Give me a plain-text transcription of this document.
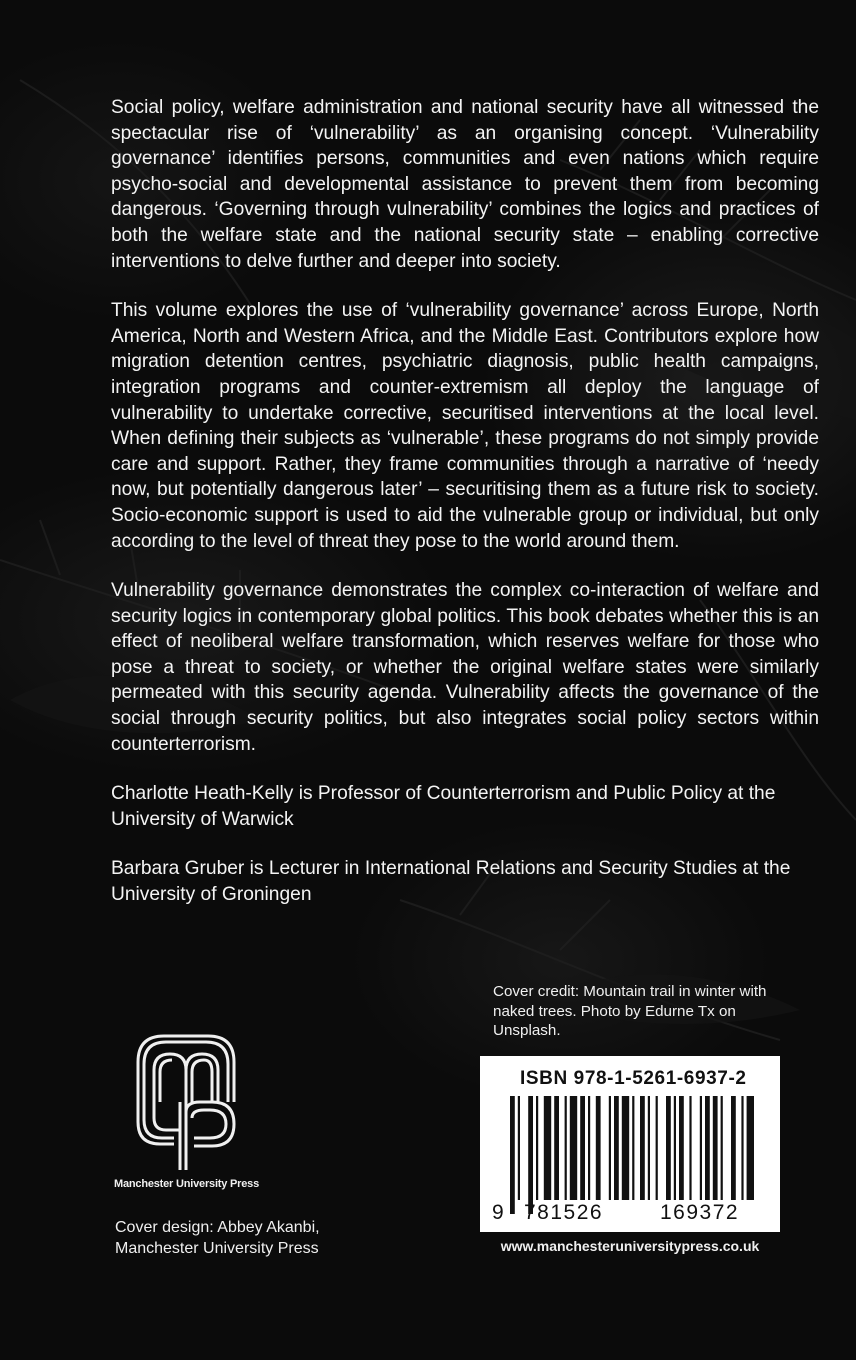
Social policy, welfare administration and national security have all witnessed the spectacular rise of ‘vulnerability’ as an organising concept. ‘Vulnerability governance’ identifies persons, communities and even nations which require psycho-social and developmental assistance to prevent them from becoming dangerous. ‘Governing through vulnerability’ combines the logics and practices of both the welfare state and the national security state – enabling corrective interventions to delve further and deeper into society.

This volume explores the use of ‘vulnerability governance’ across Europe, North America, North and Western Africa, and the Middle East. Contributors explore how migration detention centres, psychiatric diagnosis, public health campaigns, integration programs and counter-extremism all deploy the language of vulnerability to undertake corrective, securitised interventions at the local level. When defining their subjects as ‘vulnerable’, these programs do not simply provide care and support. Rather, they frame communities through a narrative of ‘needy now, but potentially dangerous later’ – securitising them as a future risk to society. Socio-economic support is used to aid the vulnerable group or individual, but only according to the level of threat they pose to the world around them.

Vulnerability governance demonstrates the complex co-interaction of welfare and security logics in contemporary global politics. This book debates whether this is an effect of neoliberal welfare transformation, which reserves welfare for those who pose a threat to society, or whether the original welfare states were similarly permeated with this security agenda. Vulnerability affects the governance of the social through security politics, but also integrates social policy sectors within counterterrorism.

Charlotte Heath-Kelly is Professor of Counterterrorism and Public Policy at the University of Warwick

Barbara Gruber is Lecturer in International Relations and Security Studies at the University of Groningen

Cover credit: Mountain trail in winter with naked trees. Photo by Edurne Tx on Unsplash.
Manchester University Press
Cover design: Abbey Akanbi,
Manchester University Press
ISBN 978-1-5261-6937-2
9 781526	169372
www.manchesteruniversitypress.co.uk
